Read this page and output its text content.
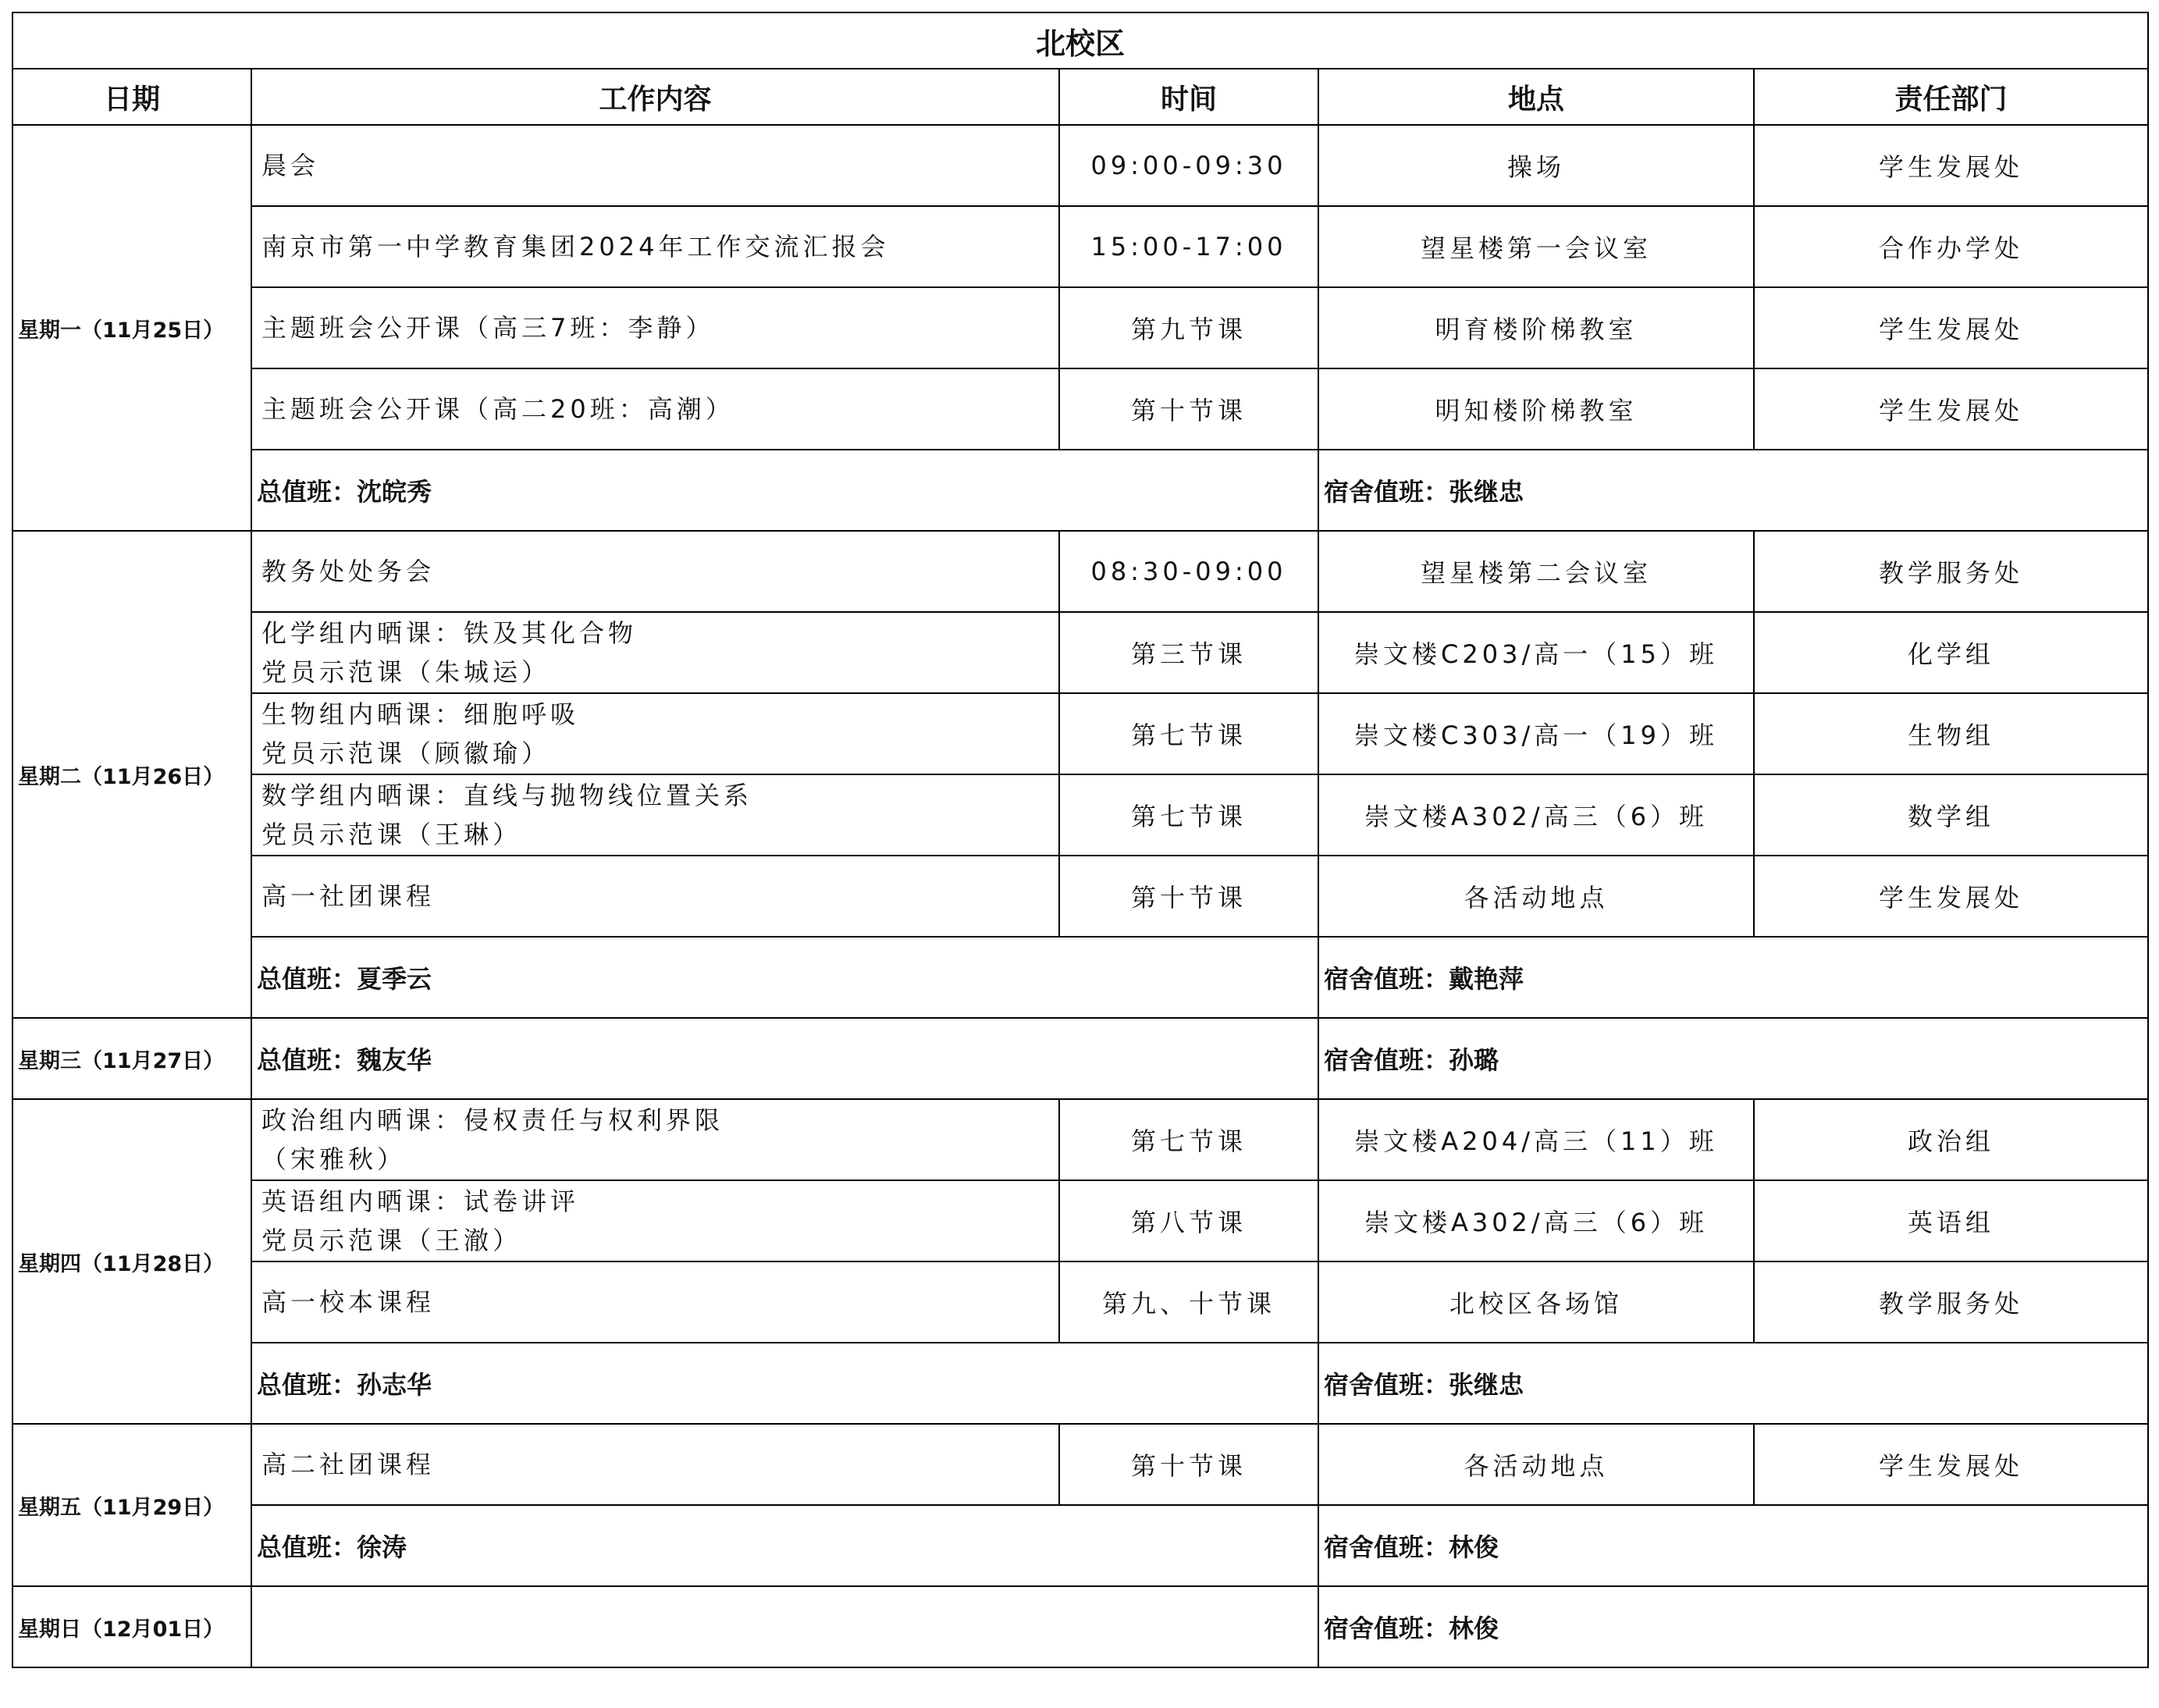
北校区				
日期	工作内容	时间	地点	责任部门
星期一（11月25日）	晨会	09:00-09:30	操场	学生发展处

	南京市第一中学教育集团2024年工作交流汇报会	15:00-17:00	望星楼第一会议室	合作办学处

	主题班会公开课（高三7班：李静）	第九节课	明育楼阶梯教室	学生发展处

	主题班会公开课（高二20班：高潮）	第十节课	明知楼阶梯教室	学生发展处
	总值班：沈皖秀		宿舍值班：张继忠	
星期二（11月26日）	教务处处务会	08:30-09:00	望星楼第二会议室	教学服务处

	化学组内晒课：铁及其化合物
党员示范课（朱城运）	第三节课	崇文楼C203/高一（15）班	化学组

	生物组内晒课：细胞呼吸
党员示范课（顾徽瑜）	第七节课	崇文楼C303/高一（19）班	生物组

	数学组内晒课：直线与抛物线位置关系
党员示范课（王琳）	第七节课	崇文楼A302/高三（6）班	数学组

	高一社团课程	第十节课	各活动地点	学生发展处
	总值班：夏季云		宿舍值班：戴艳萍	
星期三（11月27日）	总值班：魏友华		宿舍值班：孙璐	
星期四（11月28日）	政治组内晒课：侵权责任与权利界限
（宋雅秋）	第七节课	崇文楼A204/高三（11）班	政治组

	英语组内晒课：试卷讲评
党员示范课（王澈）	第八节课	崇文楼A302/高三（6）班	英语组

	高一校本课程	第九、十节课	北校区各场馆	教学服务处
	总值班：孙志华		宿舍值班：张继忠	
星期五（11月29日）	高二社团课程	第十节课	各活动地点	学生发展处
	总值班：徐涛		宿舍值班：林俊	
星期日（12月01日）			宿舍值班：林俊	
